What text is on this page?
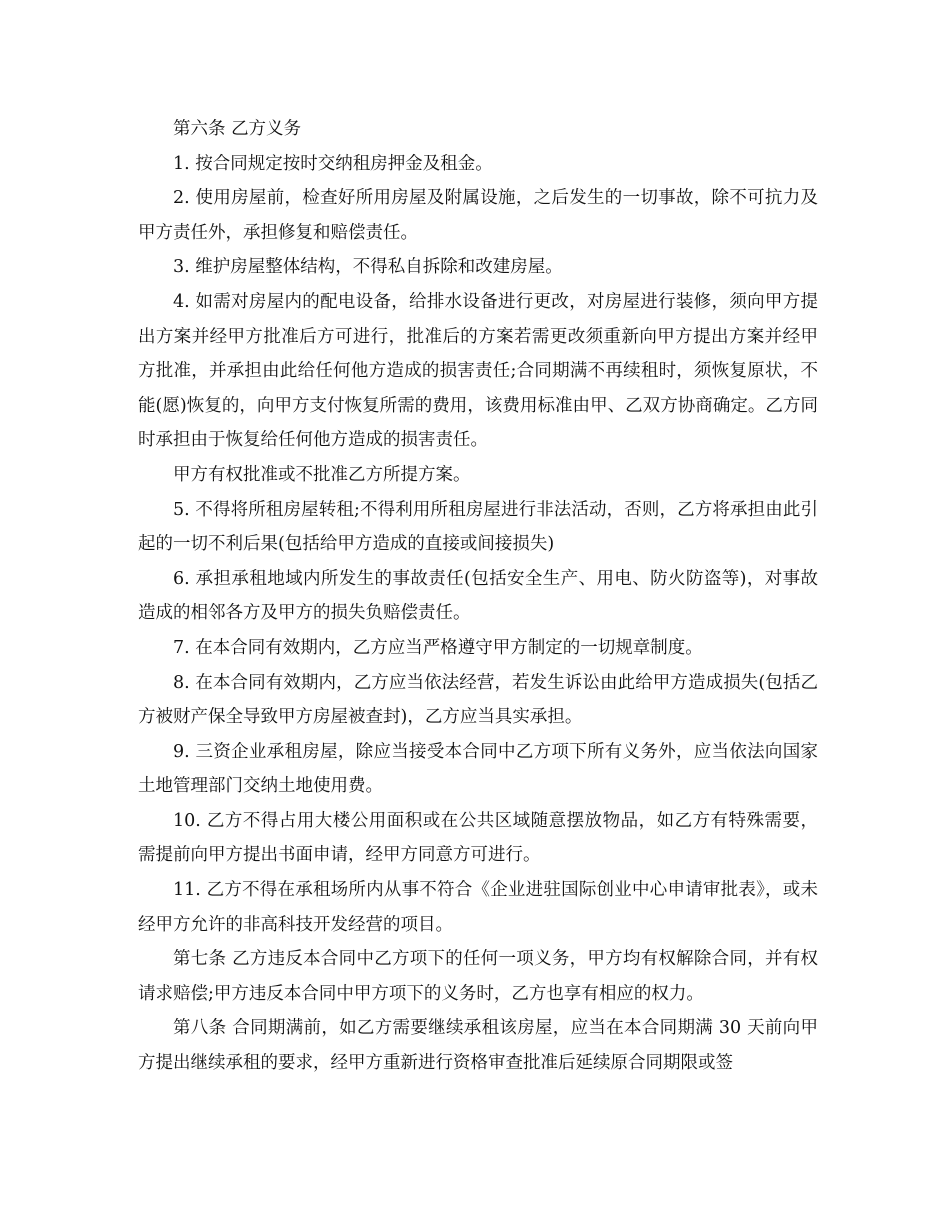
第六条 乙方义务

1. 按合同规定按时交纳租房押金及租金。

2. 使用房屋前，检查好所用房屋及附属设施，之后发生的一切事故，除不可抗力及甲方责任外，承担修复和赔偿责任。

3. 维护房屋整体结构，不得私自拆除和改建房屋。

4. 如需对房屋内的配电设备，给排水设备进行更改，对房屋进行装修，须向甲方提出方案并经甲方批准后方可进行，批准后的方案若需更改须重新向甲方提出方案并经甲方批准，并承担由此给任何他方造成的损害责任;合同期满不再续租时，须恢复原状，不能(愿)恢复的，向甲方支付恢复所需的费用，该费用标准由甲、乙双方协商确定。乙方同时承担由于恢复给任何他方造成的损害责任。

甲方有权批准或不批准乙方所提方案。

5. 不得将所租房屋转租;不得利用所租房屋进行非法活动，否则，乙方将承担由此引起的一切不利后果(包括给甲方造成的直接或间接损失)

6. 承担承租地域内所发生的事故责任(包括安全生产、用电、防火防盗等)，对事故造成的相邻各方及甲方的损失负赔偿责任。

7. 在本合同有效期内，乙方应当严格遵守甲方制定的一切规章制度。

8. 在本合同有效期内，乙方应当依法经营，若发生诉讼由此给甲方造成损失(包括乙方被财产保全导致甲方房屋被查封)，乙方应当具实承担。

9. 三资企业承租房屋，除应当接受本合同中乙方项下所有义务外，应当依法向国家土地管理部门交纳土地使用费。

10. 乙方不得占用大楼公用面积或在公共区域随意摆放物品，如乙方有特殊需要，需提前向甲方提出书面申请，经甲方同意方可进行。

11. 乙方不得在承租场所内从事不符合《企业进驻国际创业中心申请审批表》，或未经甲方允许的非高科技开发经营的项目。

第七条 乙方违反本合同中乙方项下的任何一项义务，甲方均有权解除合同，并有权请求赔偿;甲方违反本合同中甲方项下的义务时，乙方也享有相应的权力。

第八条 合同期满前，如乙方需要继续承租该房屋，应当在本合同期满 30 天前向甲方提出继续承租的要求，经甲方重新进行资格审查批准后延续原合同期限或签
